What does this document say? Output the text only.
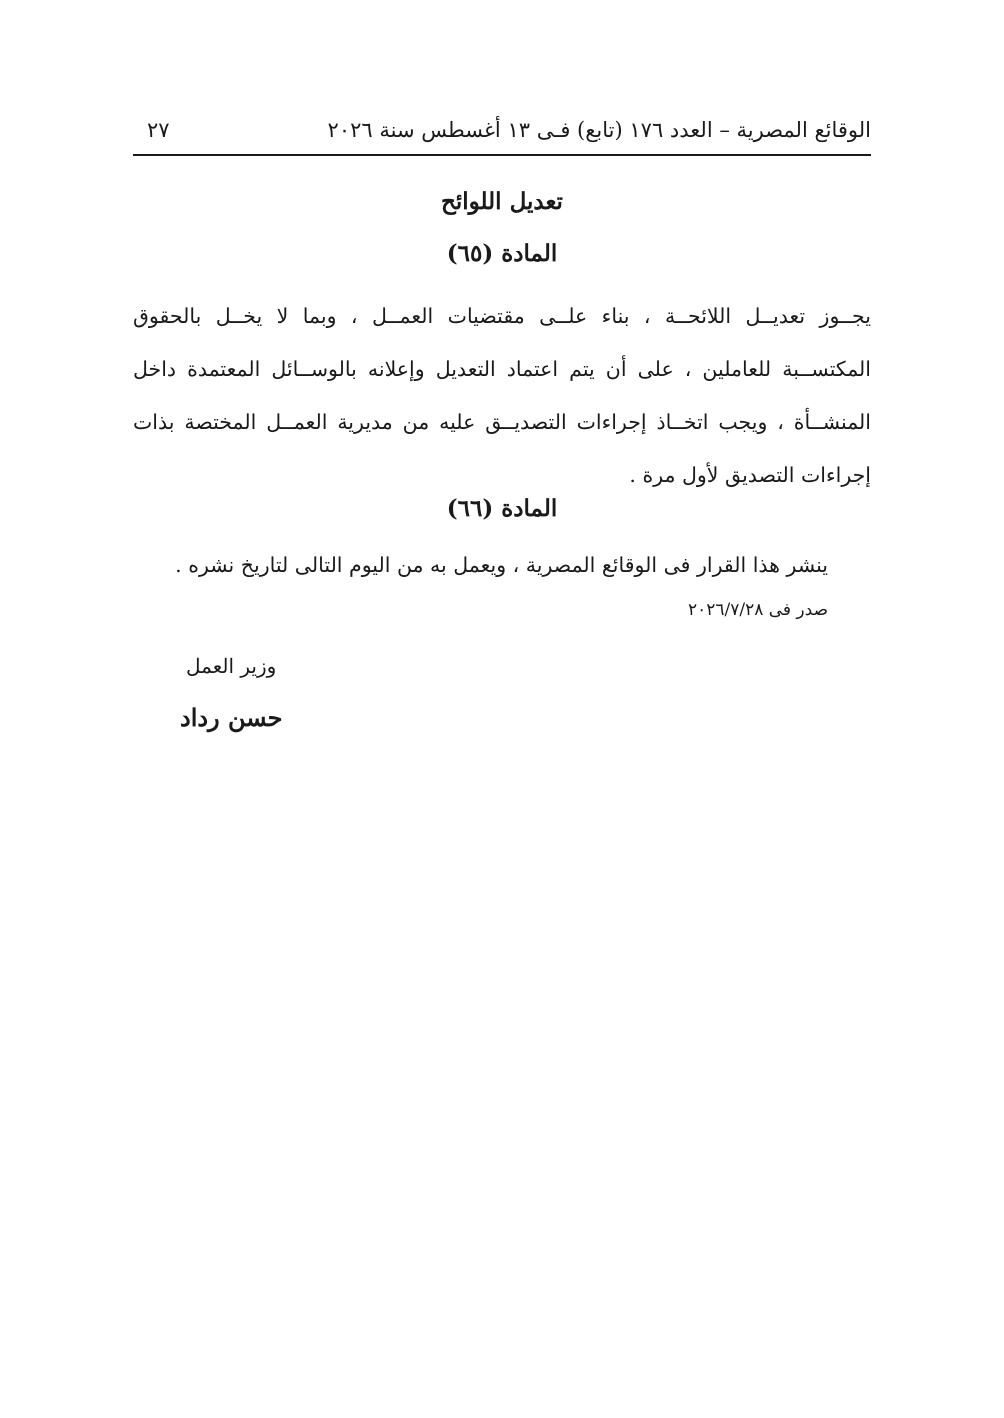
الوقائع المصرية – العدد ١٧٦ (تابع) فـى ١٣ أغسطس سنة ٢٠٢٦
٢٧
تعديل اللوائح
المادة (٦٥)

يجــوز تعديــل اللائحــة ، بناء علــى مقتضيات العمــل ، وبما لا يخــل بالحقوق المكتســبة للعاملين ، على أن يتم اعتماد التعديل وإعلانه بالوســائل المعتمدة داخل المنشــأة ، ويجب اتخــاذ إجراءات التصديــق عليه من مديرية العمــل المختصة بذات إجراءات التصديق لأول مرة .

المادة (٦٦)

ينشر هذا القرار فى الوقائع المصرية ، ويعمل به من اليوم التالى لتاريخ نشره .

صدر فى ٢٠٢٦/٧/٢٨
وزير العمل
حسن رداد
